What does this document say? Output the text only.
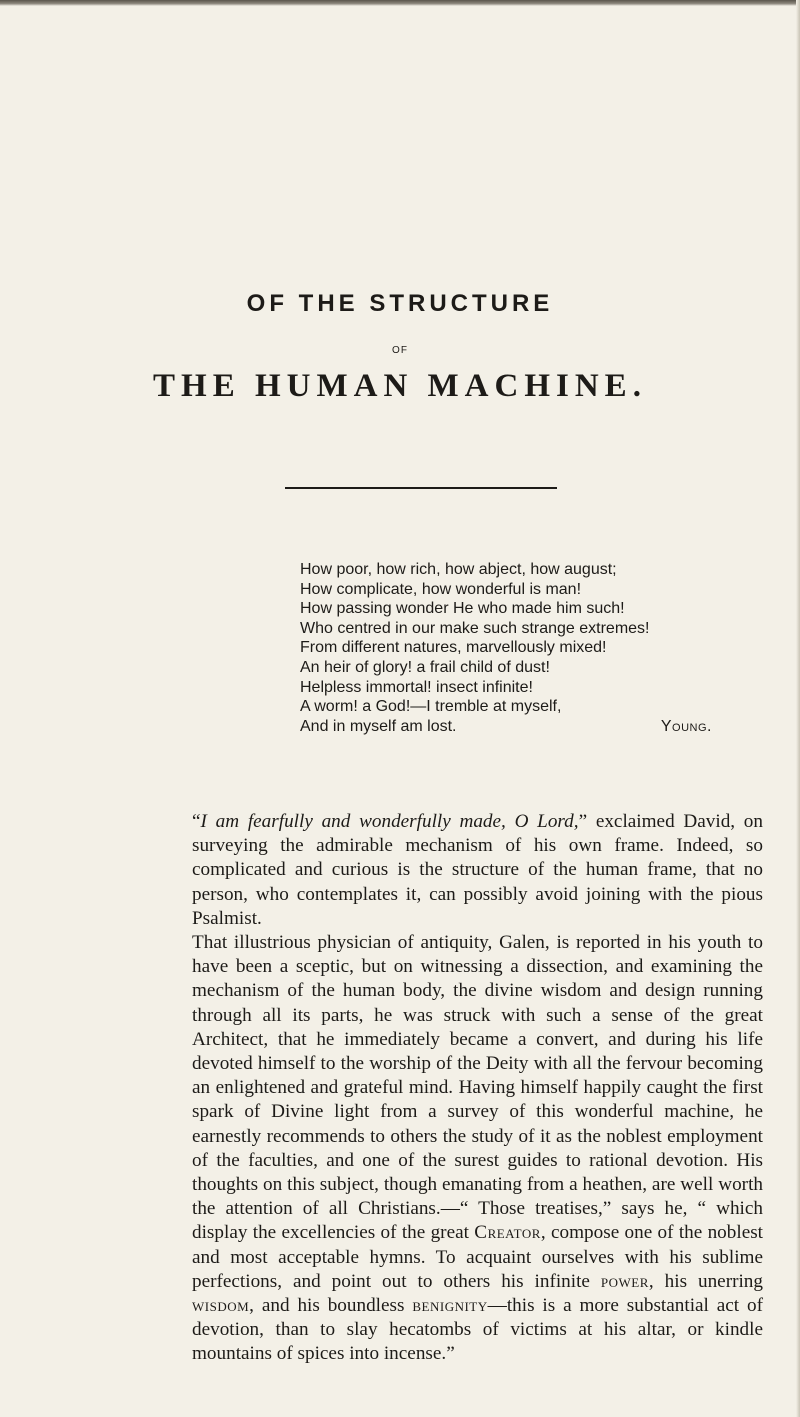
OF THE STRUCTURE
OF
THE HUMAN MACHINE.
How poor, how rich, how abject, how august;
How complicate, how wonderful is man!
How passing wonder He who made him such!
Who centred in our make such strange extremes!
From different natures, marvellously mixed!
An heir of glory! a frail child of dust!
Helpless immortal! insect infinite!
A worm! a God!—I tremble at myself,
And in myself am lost.	Young.

“I am fearfully and wonderfully made, O Lord,” exclaimed David, on surveying the admirable mechanism of his own frame. Indeed, so complicated and curious is the structure of the human frame, that no person, who contemplates it, can possibly avoid joining with the pious Psalmist.

That illustrious physician of antiquity, Galen, is reported in his youth to have been a sceptic, but on witnessing a dissection, and examining the mechanism of the human body, the divine wisdom and design running through all its parts, he was struck with such a sense of the great Architect, that he immediately became a convert, and during his life devoted himself to the worship of the Deity with all the fervour becoming an enlightened and grateful mind. Having himself happily caught the first spark of Divine light from a survey of this wonderful machine, he earnestly recommends to others the study of it as the noblest employment of the faculties, and one of the surest guides to rational devotion. His thoughts on this subject, though emanating from a heathen, are well worth the attention of all Christians.—“ Those treatises,” says he, “ which display the excellencies of the great Creator, compose one of the noblest and most acceptable hymns. To acquaint ourselves with his sublime perfections, and point out to others his infinite power, his unerring wisdom, and his boundless benignity—this is a more substantial act of devotion, than to slay hecatombs of victims at his altar, or kindle mountains of spices into incense.”
